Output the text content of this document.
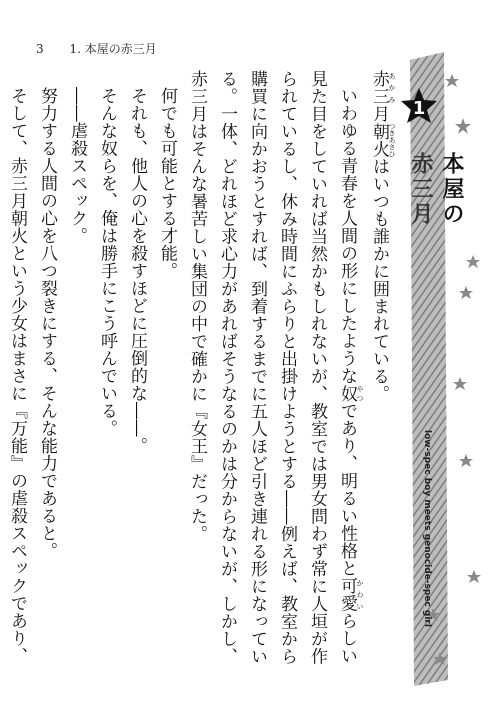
3 1. 本屋の赤三月

赤三 あかみ月朝火 つきあさひはいつも誰かに囲まれている。

いわゆる青春を人間の形にしたような奴 やつであり、明るい性格と可愛 かわいらしい見た目をしていれば当然かもしれないが、教室では男女問わず常に人垣が作られているし、休み時間にふらりと出掛けようとする――例えば、教室から購買に向かおうとすれば、到着するまでに五人ほど引き連れる形になっている。一体、どれほど求心力があればそうなるのかは分からないが、しかし、赤三月はそんな暑苦しい集団の中で確かに『女王』だった。

何でも可能とする才能。

それも、他人の心を殺すほどに圧倒的な――。

そんな奴らを、俺は勝手にこう呼んでいる。

――虐殺スペック。

努力する人間の心を八つ裂きにする、そんな能力であると。

そして、赤三月朝火という少女はまさに『万能』の虐殺スペックであり、

1
本屋の
赤三月
low-spec boy meets genocide-spec girl
